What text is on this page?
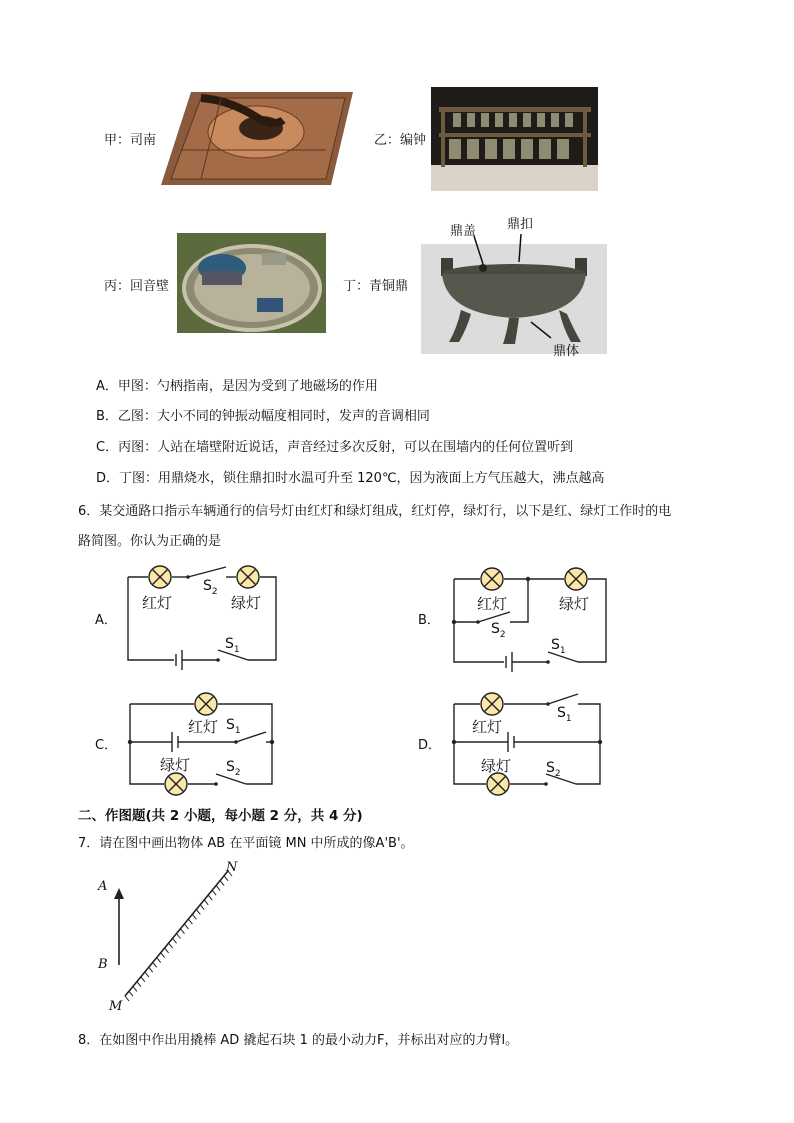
甲：司南	乙：编钟
丙：回音壁	丁：青铜鼎
鼎盖 鼎扣
鼎体
A．甲图：勺柄指南，是因为受到了地磁场的作用
B．乙图：大小不同的钟振动幅度相同时，发声的音调相同
C．丙图：人站在墙壁附近说话，声音经过多次反射，可以在围墙内的任何位置听到
D．丁图：用鼎烧水，锁住鼎扣时水温可升至 120℃，因为液面上方气压越大，沸点越高
6．某交通路口指示车辆通行的信号灯由红灯和绿灯组成，红灯停，绿灯行，以下是红、绿灯工作时的电
路简图。你认为正确的是
A．	B．
C．	D．
红灯	绿灯
$S_2$
$S_1$
红灯	绿灯
$S_2$
$S_1$
红灯
绿灯
$S_1$
$S_2$
红灯
绿灯
$S_1$
$S_2$
二、作图题(共 2 小题，每小题 2 分，共 4 分)
7．请在图中画出物体 AB 在平面镜 MN 中所成的像A'B'。
A
B
M
N
8．在如图中作出用撬棒 AD 撬起石块 1 的最小动力F，并标出对应的力臂l。
